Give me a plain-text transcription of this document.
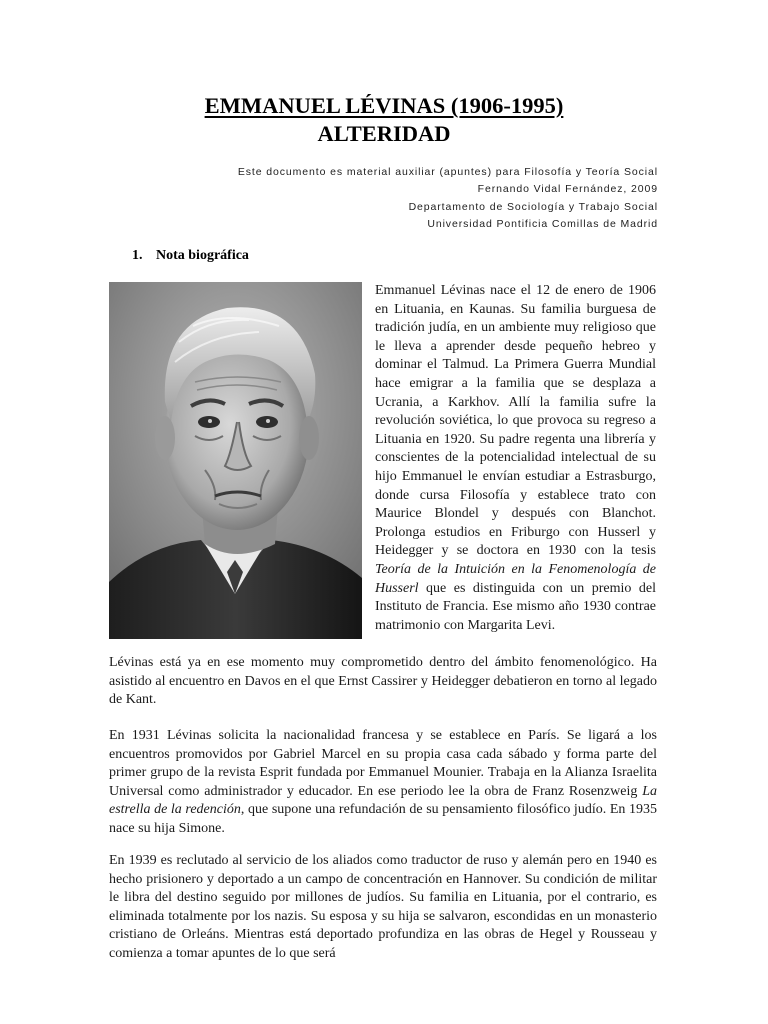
EMMANUEL LÉVINAS (1906-1995)
ALTERIDAD
Este documento es material auxiliar (apuntes) para Filosofía y Teoría Social
Fernando Vidal Fernández, 2009
Departamento de Sociología y Trabajo Social
Universidad Pontificia Comillas de Madrid
1. Nota biográfica
Emmanuel Lévinas nace el 12 de enero de 1906 en Lituania, en Kaunas. Su familia burguesa de tradición judía, en un ambiente muy religioso que le lleva a aprender desde pequeño hebreo y dominar el Talmud. La Primera Guerra Mundial hace emigrar a la familia que se desplaza a Ucrania, a Karkhov. Allí la familia sufre la revolución soviética, lo que provoca su regreso a Lituania en 1920. Su padre regenta una librería y conscientes de la potencialidad intelectual de su hijo Emmanuel le envían estudiar a Estrasburgo, donde cursa Filosofía y establece trato con Maurice Blondel y después con Blanchot. Prolonga estudios en Friburgo con Husserl y Heidegger y se doctora en 1930 con la tesis Teoría de la Intuición en la Fenomenología de Husserl que es distinguida con un premio del Instituto de Francia. Ese mismo año 1930 contrae matrimonio con Margarita Levi.
Lévinas está ya en ese momento muy comprometido dentro del ámbito fenomenológico. Ha asistido al encuentro en Davos en el que Ernst Cassirer y Heidegger debatieron en torno al legado de Kant.
En 1931 Lévinas solicita la nacionalidad francesa y se establece en París. Se ligará a los encuentros promovidos por Gabriel Marcel en su propia casa cada sábado y forma parte del primer grupo de la revista Esprit fundada por Emmanuel Mounier. Trabaja en la Alianza Israelita Universal como administrador y educador. En ese periodo lee la obra de Franz Rosenzweig La estrella de la redención, que supone una refundación de su pensamiento filosófico judío. En 1935 nace su hija Simone.
En 1939 es reclutado al servicio de los aliados como traductor de ruso y alemán pero en 1940 es hecho prisionero y deportado a un campo de concentración en Hannover. Su condición de militar le libra del destino seguido por millones de judíos. Su familia en Lituania, por el contrario, es eliminada totalmente por los nazis. Su esposa y su hija se salvaron, escondidas en un monasterio cristiano de Orleáns. Mientras está deportado profundiza en las obras de Hegel y Rousseau y comienza a tomar apuntes de lo que será
